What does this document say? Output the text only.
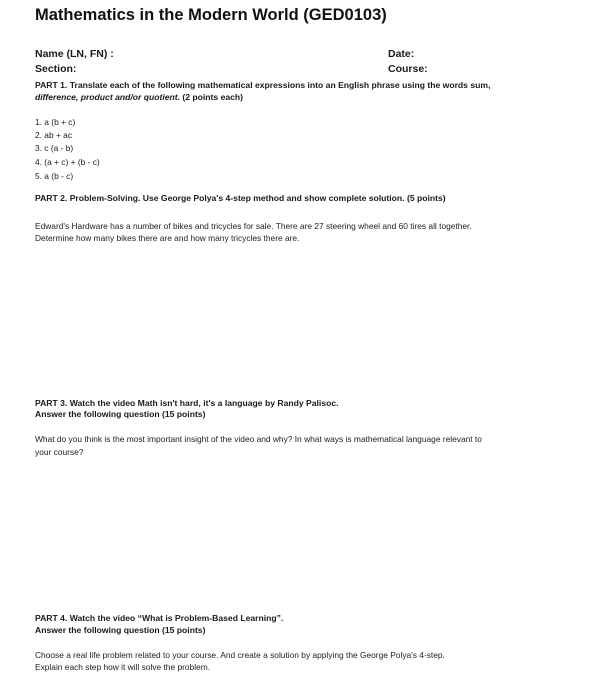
Mathematics in the Modern World (GED0103)
Name (LN, FN) :	Date:
Section:	Course:
PART 1. Translate each of the following mathematical expressions into an English phrase using the words sum,
difference, product and/or quotient. (2 points each)
1. a (b + c)
2. ab + ac
3. c (a - b)
4. (a + c) + (b - c)
5. a (b - c)
PART 2. Problem-Solving. Use George Polya's 4-step method and show complete solution. (5 points)
Edward's Hardware has a number of bikes and tricycles for sale. There are 27 steering wheel and 60 tires all together.
Determine how many bikes there are and how many tricycles there are.
PART 3. Watch the video Math isn't hard, it's a language by Randy Palisoc.
Answer the following question (15 points)
What do you think is the most important insight of the video and why? In what ways is mathematical language relevant to
your course?
PART 4. Watch the video “What is Problem-Based Learning”.
Answer the following question (15 points)
Choose a real life problem related to your course. And create a solution by applying the George Polya's 4-step.
Explain each step how it will solve the problem.
